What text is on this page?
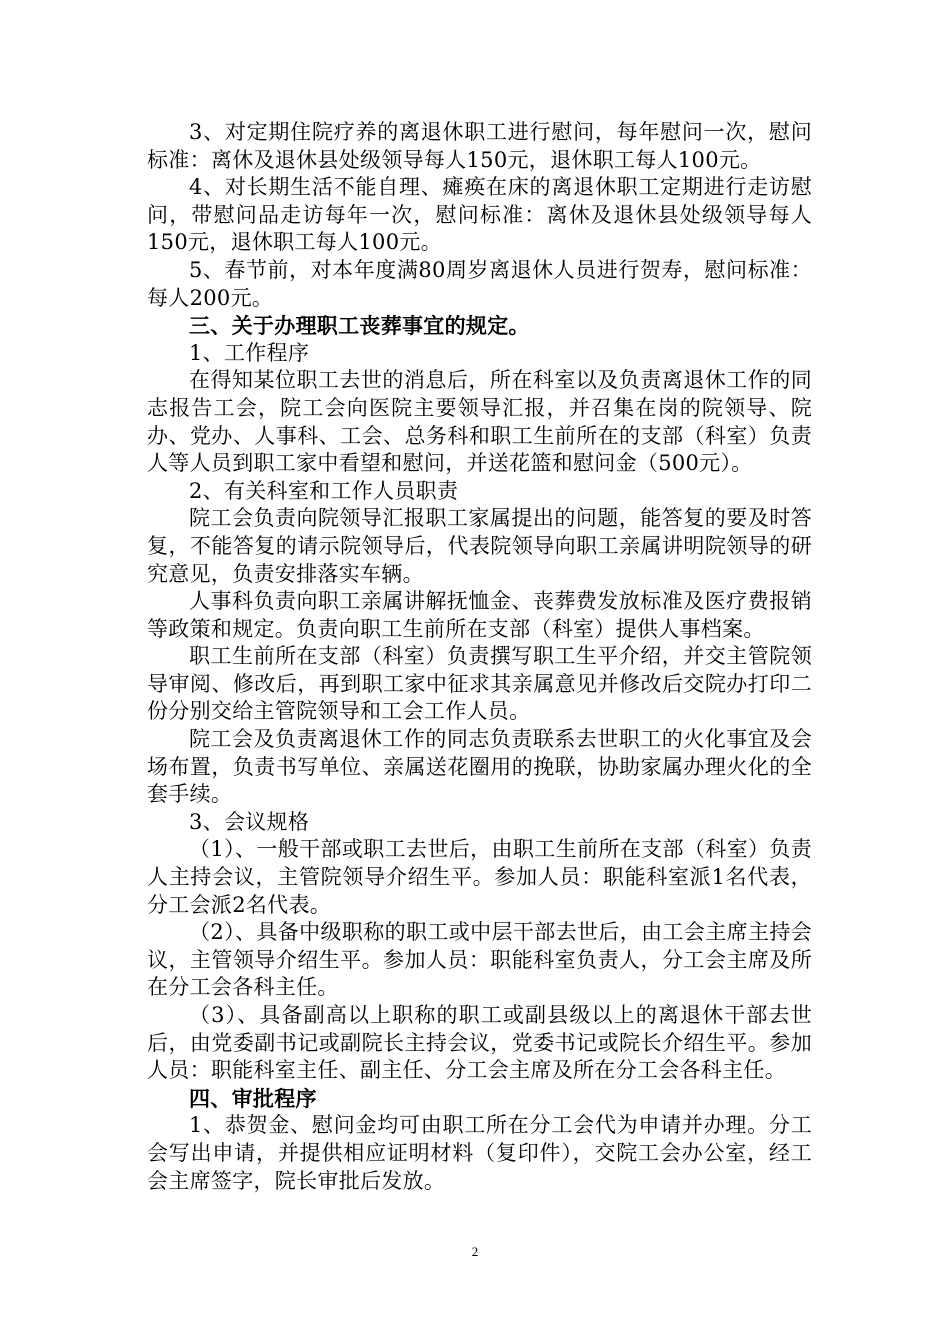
3、对定期住院疗养的离退休职工进行慰问，每年慰问一次，慰问标准：离休及退休县处级领导每人150元，退休职工每人100元。

4、对长期生活不能自理、瘫痪在床的离退休职工定期进行走访慰问，带慰问品走访每年一次，慰问标准：离休及退休县处级领导每人150元，退休职工每人100元。

5、春节前，对本年度满80周岁离退休人员进行贺寿，慰问标准：每人200元。

三、关于办理职工丧葬事宜的规定。

1、工作程序

在得知某位职工去世的消息后，所在科室以及负责离退休工作的同志报告工会，院工会向医院主要领导汇报，并召集在岗的院领导、院办、党办、人事科、工会、总务科和职工生前所在的支部（科室）负责人等人员到职工家中看望和慰问，并送花篮和慰问金（500元）。

2、有关科室和工作人员职责

院工会负责向院领导汇报职工家属提出的问题，能答复的要及时答复，不能答复的请示院领导后，代表院领导向职工亲属讲明院领导的研究意见，负责安排落实车辆。

人事科负责向职工亲属讲解抚恤金、丧葬费发放标准及医疗费报销等政策和规定。负责向职工生前所在支部（科室）提供人事档案。

职工生前所在支部（科室）负责撰写职工生平介绍，并交主管院领导审阅、修改后，再到职工家中征求其亲属意见并修改后交院办打印二份分别交给主管院领导和工会工作人员。

院工会及负责离退休工作的同志负责联系去世职工的火化事宜及会场布置，负责书写单位、亲属送花圈用的挽联，协助家属办理火化的全套手续。

3、会议规格

（1）、一般干部或职工去世后，由职工生前所在支部（科室）负责人主持会议，主管院领导介绍生平。参加人员：职能科室派1名代表，分工会派2名代表。

（2）、具备中级职称的职工或中层干部去世后，由工会主席主持会议，主管领导介绍生平。参加人员：职能科室负责人，分工会主席及所在分工会各科主任。

（3）、具备副高以上职称的职工或副县级以上的离退休干部去世后，由党委副书记或副院长主持会议，党委书记或院长介绍生平。参加人员：职能科室主任、副主任、分工会主席及所在分工会各科主任。

四、审批程序

1、恭贺金、慰问金均可由职工所在分工会代为申请并办理。分工会写出申请，并提供相应证明材料（复印件），交院工会办公室，经工会主席签字，院长审批后发放。

2
